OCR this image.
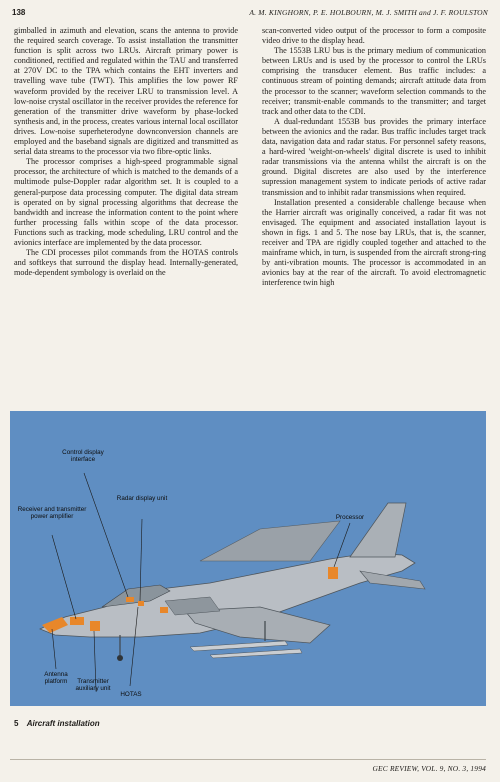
138	A. M. KINGHORN, P. E. HOLBOURN, M. J. SMITH and J. F. ROULSTON

gimballed in azimuth and elevation, scans the antenna to provide the required search coverage. To assist installation the transmitter function is split across two LRUs. Aircraft primary power is conditioned, rectified and regulated within the TAU and transferred at 270V DC to the TPA which contains the EHT inverters and travelling wave tube (TWT). This amplifies the low power RF waveform provided by the receiver LRU to transmission level. A low-noise crystal oscillator in the receiver provides the reference for generation of the transmitter drive waveform by phase-locked synthesis and, in the process, creates various internal local oscillator drives. Low-noise superheterodyne downconversion channels are employed and the baseband signals are digitized and transmitted as serial data streams to the processor via two fibre-optic links.

The processor comprises a high-speed programmable signal processor, the architecture of which is matched to the demands of a multimode pulse-Doppler radar algorithm set. It is coupled to a general-purpose data processing computer. The digital data stream is operated on by signal processing algorithms that decrease the bandwidth and increase the information content to the point where further processing falls within scope of the data processor. Functions such as tracking, mode scheduling, LRU control and the avionics interface are implemented by the data processor.

The CDI processes pilot commands from the HOTAS controls and softkeys that surround the display head. Internally-generated, mode-dependent symbology is overlaid on the

scan-converted video output of the processor to form a composite video drive to the display head.

The 1553B LRU bus is the primary medium of communication between LRUs and is used by the processor to control the LRUs comprising the transducer element. Bus traffic includes: a continuous stream of pointing demands; aircraft attitude data from the processor to the scanner; waveform selection commands to the receiver; transmit-enable commands to the transmitter; and target track and other data to the CDI.

A dual-redundant 1553B bus provides the primary interface between the avionics and the radar. Bus traffic includes target track data, navigation data and radar status. For personnel safety reasons, a hard-wired 'weight-on-wheels' digital discrete is used to inhibit radar transmissions via the antenna whilst the aircraft is on the ground. Digital discretes are also used by the interference supression management system to indicate periods of active radar transmission and to inhibit radar transmissions when required.

Installation presented a considerable challenge because when the Harrier aircraft was originally conceived, a radar fit was not envisaged. The equipment and associated installation layout is shown in figs. 1 and 5. The nose bay LRUs, that is, the scanner, receiver and TPA are rigidly coupled together and attached to the mainframe which, in turn, is suspended from the aircraft strong-ring by anti-vibration mounts. The processor is accommodated in an avionics bay at the rear of the aircraft. To avoid electromagnetic interference twin high

Control display interface
Radar display unit
Receiver and transmitter power amplifier	Processor
Antenna platform
HOTAS
Transmitter auxiliary unit
5 Aircraft installation
GEC REVIEW, VOL. 9, NO. 3, 1994
